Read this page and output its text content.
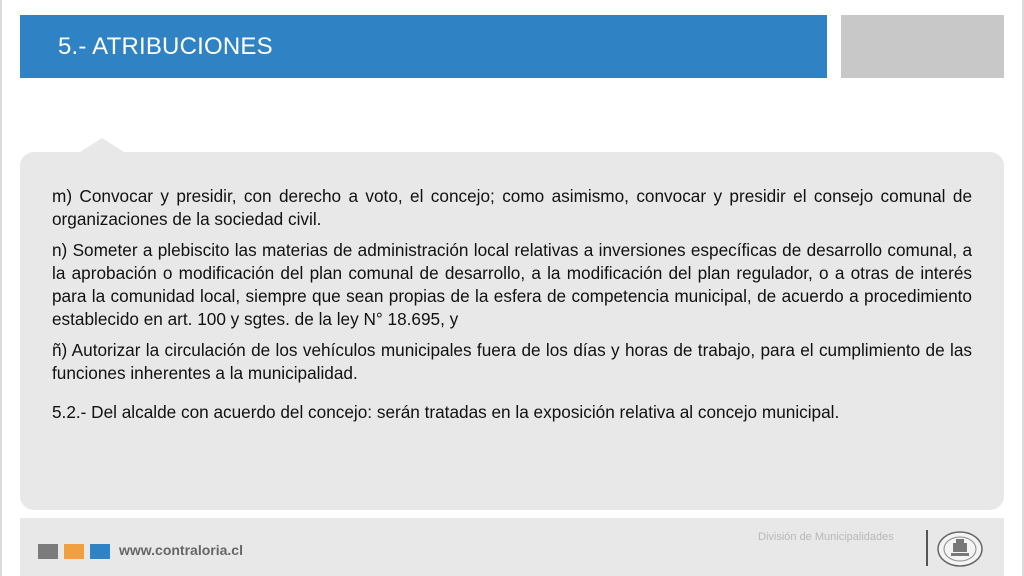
5.- ATRIBUCIONES

m) Convocar y presidir, con derecho a voto, el concejo; como asimismo, convocar y presidir el consejo comunal de organizaciones de la sociedad civil.

n) Someter a plebiscito las materias de administración local relativas a inversiones específicas de desarrollo comunal, a la aprobación o modificación del plan comunal de desarrollo, a la modificación del plan regulador, o a otras de interés para la comunidad local, siempre que sean propias de la esfera de competencia municipal, de acuerdo a procedimiento establecido en art. 100 y sgtes. de la ley N° 18.695, y

ñ) Autorizar la circulación de los vehículos municipales fuera de los días y horas de trabajo, para el cumplimiento de las funciones inherentes a la municipalidad.

5.2.- Del alcalde con acuerdo del concejo: serán tratadas en la exposición relativa al concejo municipal.

www.contraloria.cl
División de Municipalidades
